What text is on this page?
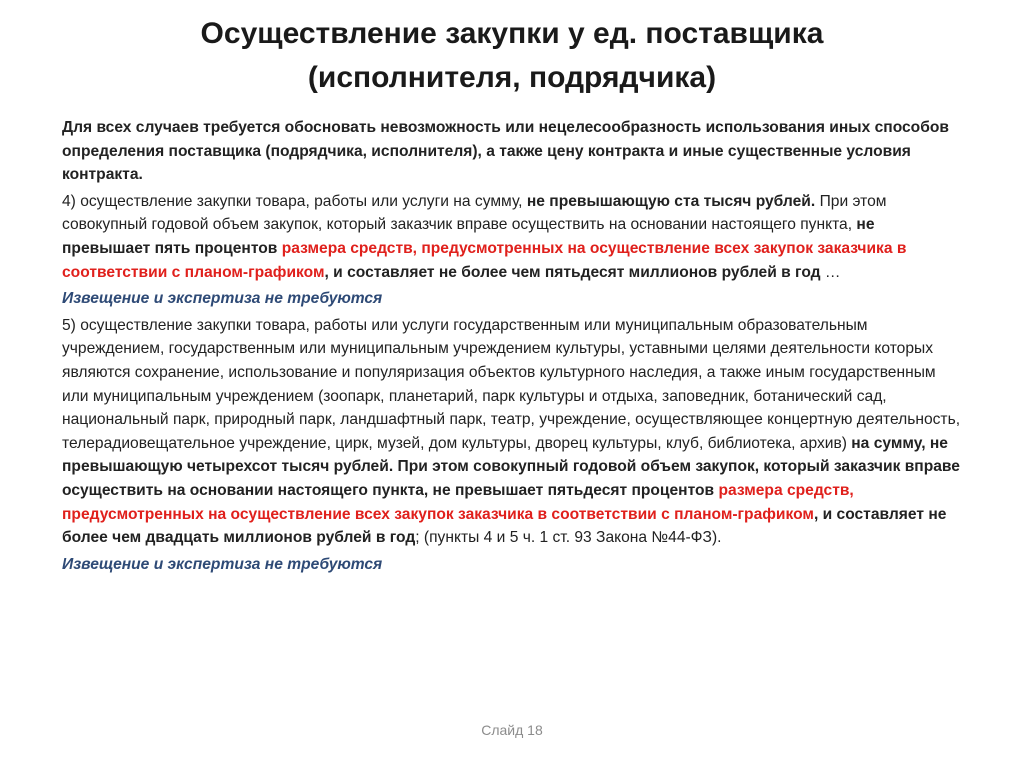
Осуществление закупки у ед. поставщика
(исполнителя, подрядчика)

Для всех случаев требуется обосновать невозможность или нецелесообразность использования иных способов определения поставщика (подрядчика, исполнителя), а также цену контракта и иные существенные условия контракта.

4) осуществление закупки товара, работы или услуги на сумму, не превышающую ста тысяч рублей. При этом совокупный годовой объем закупок, который заказчик вправе осуществить на основании настоящего пункта, не превышает пять процентов размера средств, предусмотренных на осуществление всех закупок заказчика в соответствии с планом-графиком, и составляет не более чем пятьдесят миллионов рублей в год …

Извещение и экспертиза не требуются

5) осуществление закупки товара, работы или услуги государственным или муниципальным образовательным учреждением, государственным или муниципальным учреждением культуры, уставными целями деятельности которых являются сохранение, использование и популяризация объектов культурного наследия, а также иным государственным или муниципальным учреждением (зоопарк, планетарий, парк культуры и отдыха, заповедник, ботанический сад, национальный парк, природный парк, ландшафтный парк, театр, учреждение, осуществляющее концертную деятельность, телерадиовещательное учреждение, цирк, музей, дом культуры, дворец культуры, клуб, библиотека, архив) на сумму, не превышающую четырехсот тысяч рублей. При этом совокупный годовой объем закупок, который заказчик вправе осуществить на основании настоящего пункта, не превышает пятьдесят процентов размера средств, предусмотренных на осуществление всех закупок заказчика в соответствии с планом-графиком, и составляет не более чем двадцать миллионов рублей в год; (пункты 4 и 5 ч. 1 ст. 93 Закона №44-ФЗ).

Извещение и экспертиза не требуются

Слайд 18
